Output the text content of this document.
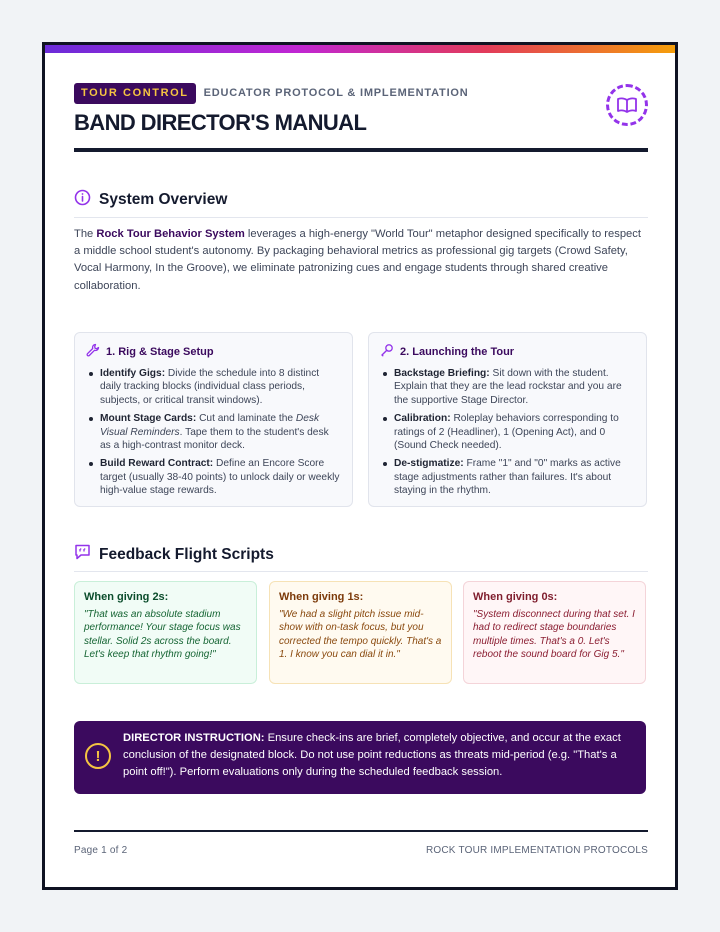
TOUR CONTROL	EDUCATOR PROTOCOL & IMPLEMENTATION
BAND DIRECTOR'S MANUAL
System Overview

The Rock Tour Behavior System leverages a high-energy "World Tour" metaphor designed specifically to respect a middle school student's autonomy. By packaging behavioral metrics as professional gig targets (Crowd Safety, Vocal Harmony, In the Groove), we eliminate patronizing cues and engage students through shared creative collaboration.

1. Rig & Stage Setup
Identify Gigs: Divide the schedule into 8 distinct daily tracking blocks (individual class periods, subjects, or critical transit windows).
Mount Stage Cards: Cut and laminate the Desk Visual Reminders. Tape them to the student's desk as a high-contrast monitor deck.
Build Reward Contract: Define an Encore Score target (usually 38-40 points) to unlock daily or weekly high-value stage rewards.
2. Launching the Tour
Backstage Briefing: Sit down with the student. Explain that they are the lead rockstar and you are the supportive Stage Director.
Calibration: Roleplay behaviors corresponding to ratings of 2 (Headliner), 1 (Opening Act), and 0 (Sound Check needed).
De-stigmatize: Frame "1" and "0" marks as active stage adjustments rather than failures. It's about staying in the rhythm.
Feedback Flight Scripts
When giving 2s:
"That was an absolute stadium performance! Your stage focus was stellar. Solid 2s across the board. Let's keep that rhythm going!"
When giving 1s:
"We had a slight pitch issue mid-show with on-task focus, but you corrected the tempo quickly. That's a 1. I know you can dial it in."
When giving 0s:
"System disconnect during that set. I had to redirect stage boundaries multiple times. That's a 0. Let's reboot the sound board for Gig 5."
!
DIRECTOR INSTRUCTION: Ensure check-ins are brief, completely objective, and occur at the exact conclusion of the designated block. Do not use point reductions as threats mid-period (e.g. "That's a point off!"). Perform evaluations only during the scheduled feedback session.
Page 1 of 2	ROCK TOUR IMPLEMENTATION PROTOCOLS
